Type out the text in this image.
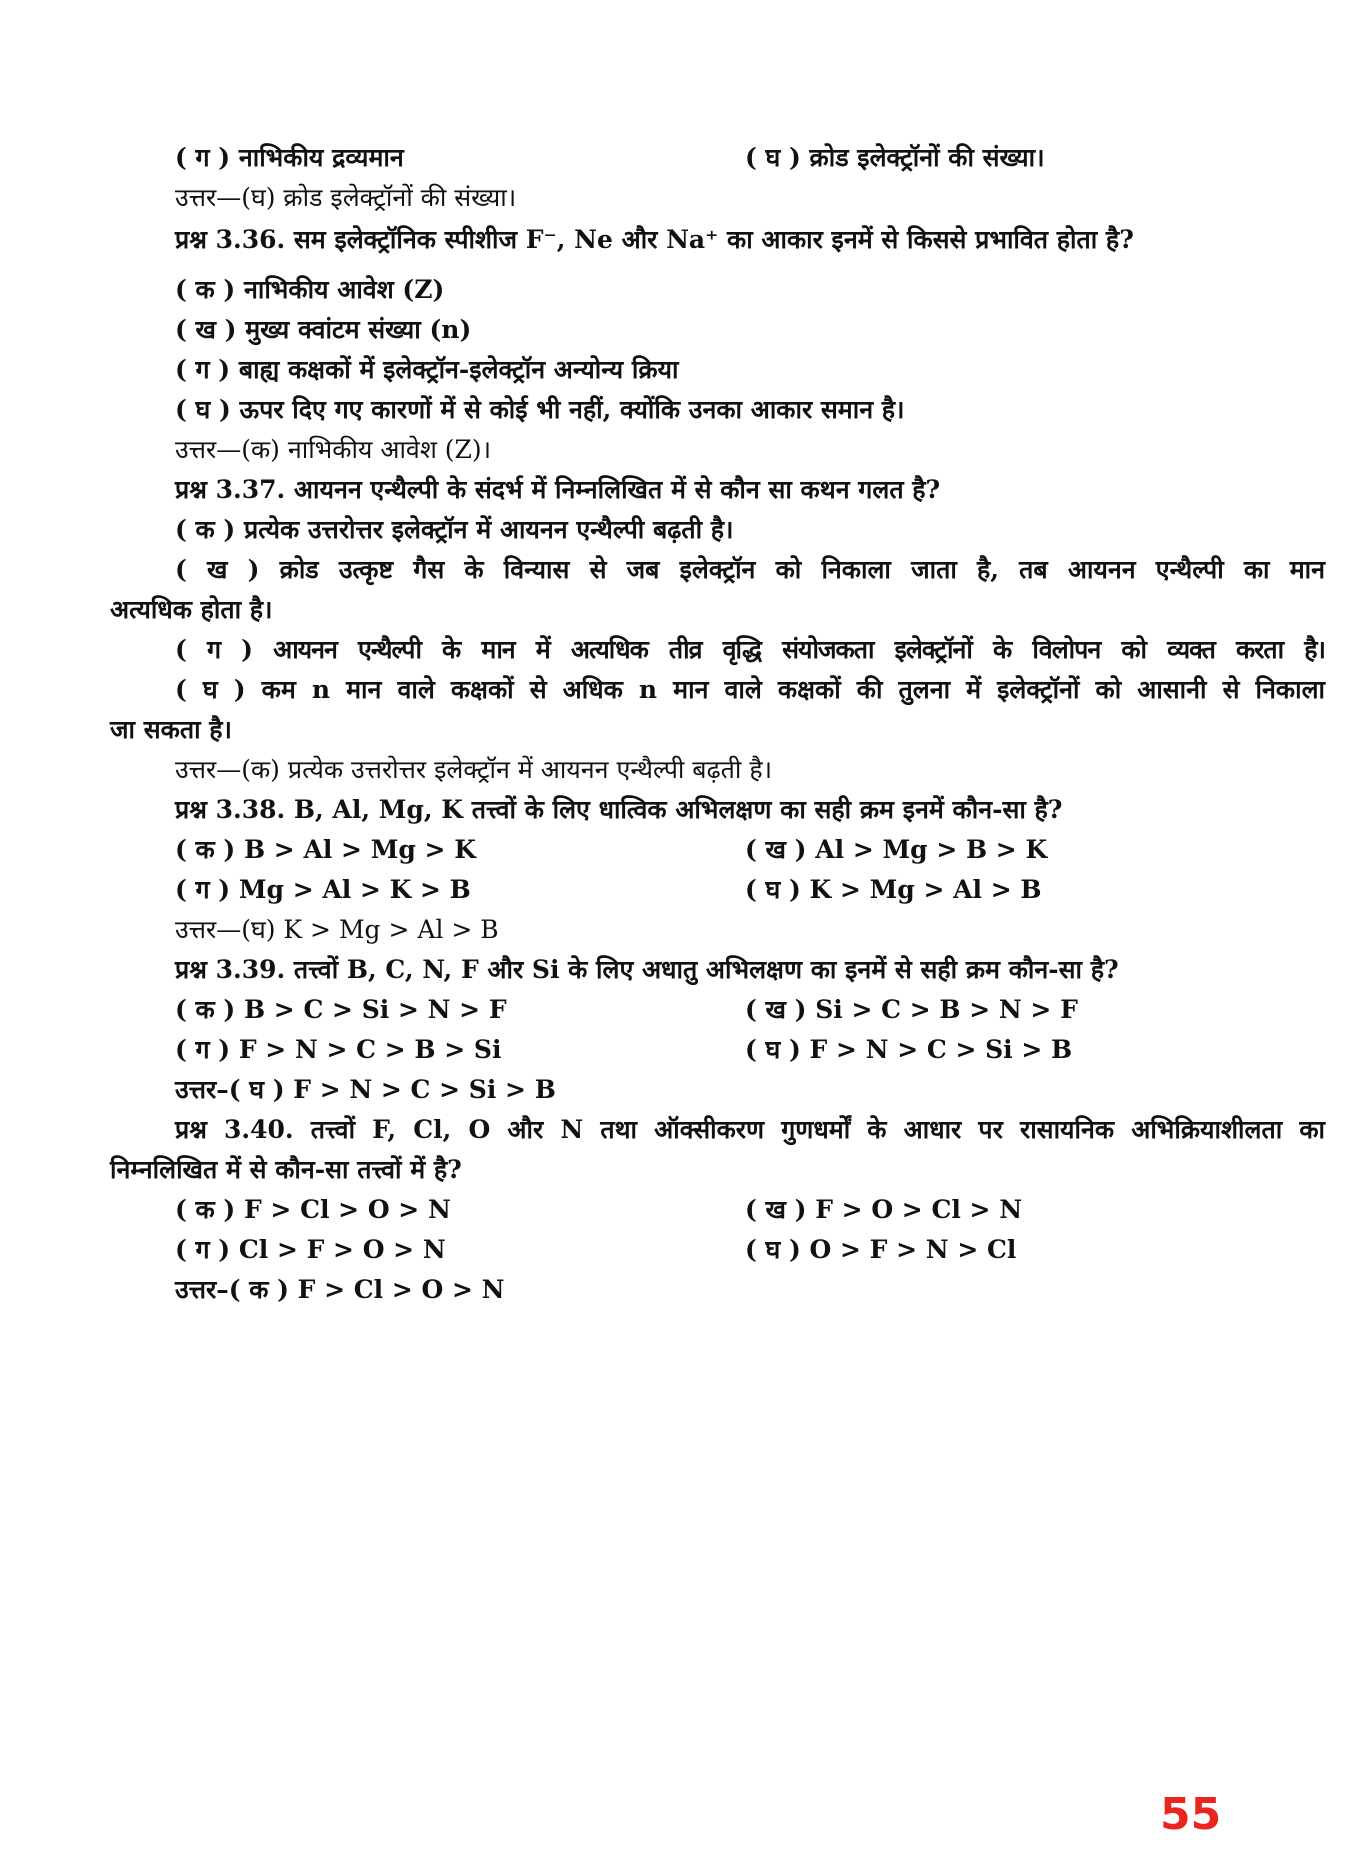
( ग ) नाभिकीय द्रव्यमान	( घ ) क्रोड इलेक्ट्रॉनों की संख्या।
उत्तर—(घ) क्रोड इलेक्ट्रॉनों की संख्या।
प्रश्न 3.36. सम इलेक्ट्रॉनिक स्पीशीज F⁻, Ne और Na⁺ का आकार इनमें से किससे प्रभावित होता है?
( क ) नाभिकीय आवेश (Z)
( ख ) मुख्य क्वांटम संख्या (n)
( ग ) बाह्य कक्षकों में इलेक्ट्रॉन-इलेक्ट्रॉन अन्योन्य क्रिया
( घ ) ऊपर दिए गए कारणों में से कोई भी नहीं, क्योंकि उनका आकार समान है।
उत्तर—(क) नाभिकीय आवेश (Z)।
प्रश्न 3.37. आयनन एन्थैल्पी के संदर्भ में निम्नलिखित में से कौन सा कथन गलत है?
( क ) प्रत्येक उत्तरोत्तर इलेक्ट्रॉन में आयनन एन्थैल्पी बढ़ती है।
( ख ) क्रोड उत्कृष्ट गैस के विन्यास से जब इलेक्ट्रॉन को निकाला जाता है, तब आयनन एन्थैल्पी का मान
अत्यधिक होता है।
( ग ) आयनन एन्थैल्पी के मान में अत्यधिक तीव्र वृद्धि संयोजकता इलेक्ट्रॉनों के विलोपन को व्यक्त करता है।
( घ ) कम n मान वाले कक्षकों से अधिक n मान वाले कक्षकों की तुलना में इलेक्ट्रॉनों को आसानी से निकाला
जा सकता है।
उत्तर—(क) प्रत्येक उत्तरोत्तर इलेक्ट्रॉन में आयनन एन्थैल्पी बढ़ती है।
प्रश्न 3.38. B, Al, Mg, K तत्त्वों के लिए धात्विक अभिलक्षण का सही क्रम इनमें कौन-सा है?
( क ) B > Al > Mg > K	( ख ) Al > Mg > B > K
( ग ) Mg > Al > K > B	( घ ) K > Mg > Al > B
उत्तर—(घ) K > Mg > Al > B
प्रश्न 3.39. तत्त्वों B, C, N, F और Si के लिए अधातु अभिलक्षण का इनमें से सही क्रम कौन-सा है?
( क ) B > C > Si > N > F	( ख ) Si > C > B > N > F
( ग ) F > N > C > B > Si	( घ ) F > N > C > Si > B
उत्तर–( घ ) F > N > C > Si > B
प्रश्न 3.40. तत्त्वों F, Cl, O और N तथा ऑक्सीकरण गुणधर्मों के आधार पर रासायनिक अभिक्रियाशीलता का
निम्नलिखित में से कौन-सा तत्त्वों में है?
( क ) F > Cl > O > N	( ख ) F > O > Cl > N
( ग ) Cl > F > O > N	( घ ) O > F > N > Cl
उत्तर–( क ) F > Cl > O > N
55
